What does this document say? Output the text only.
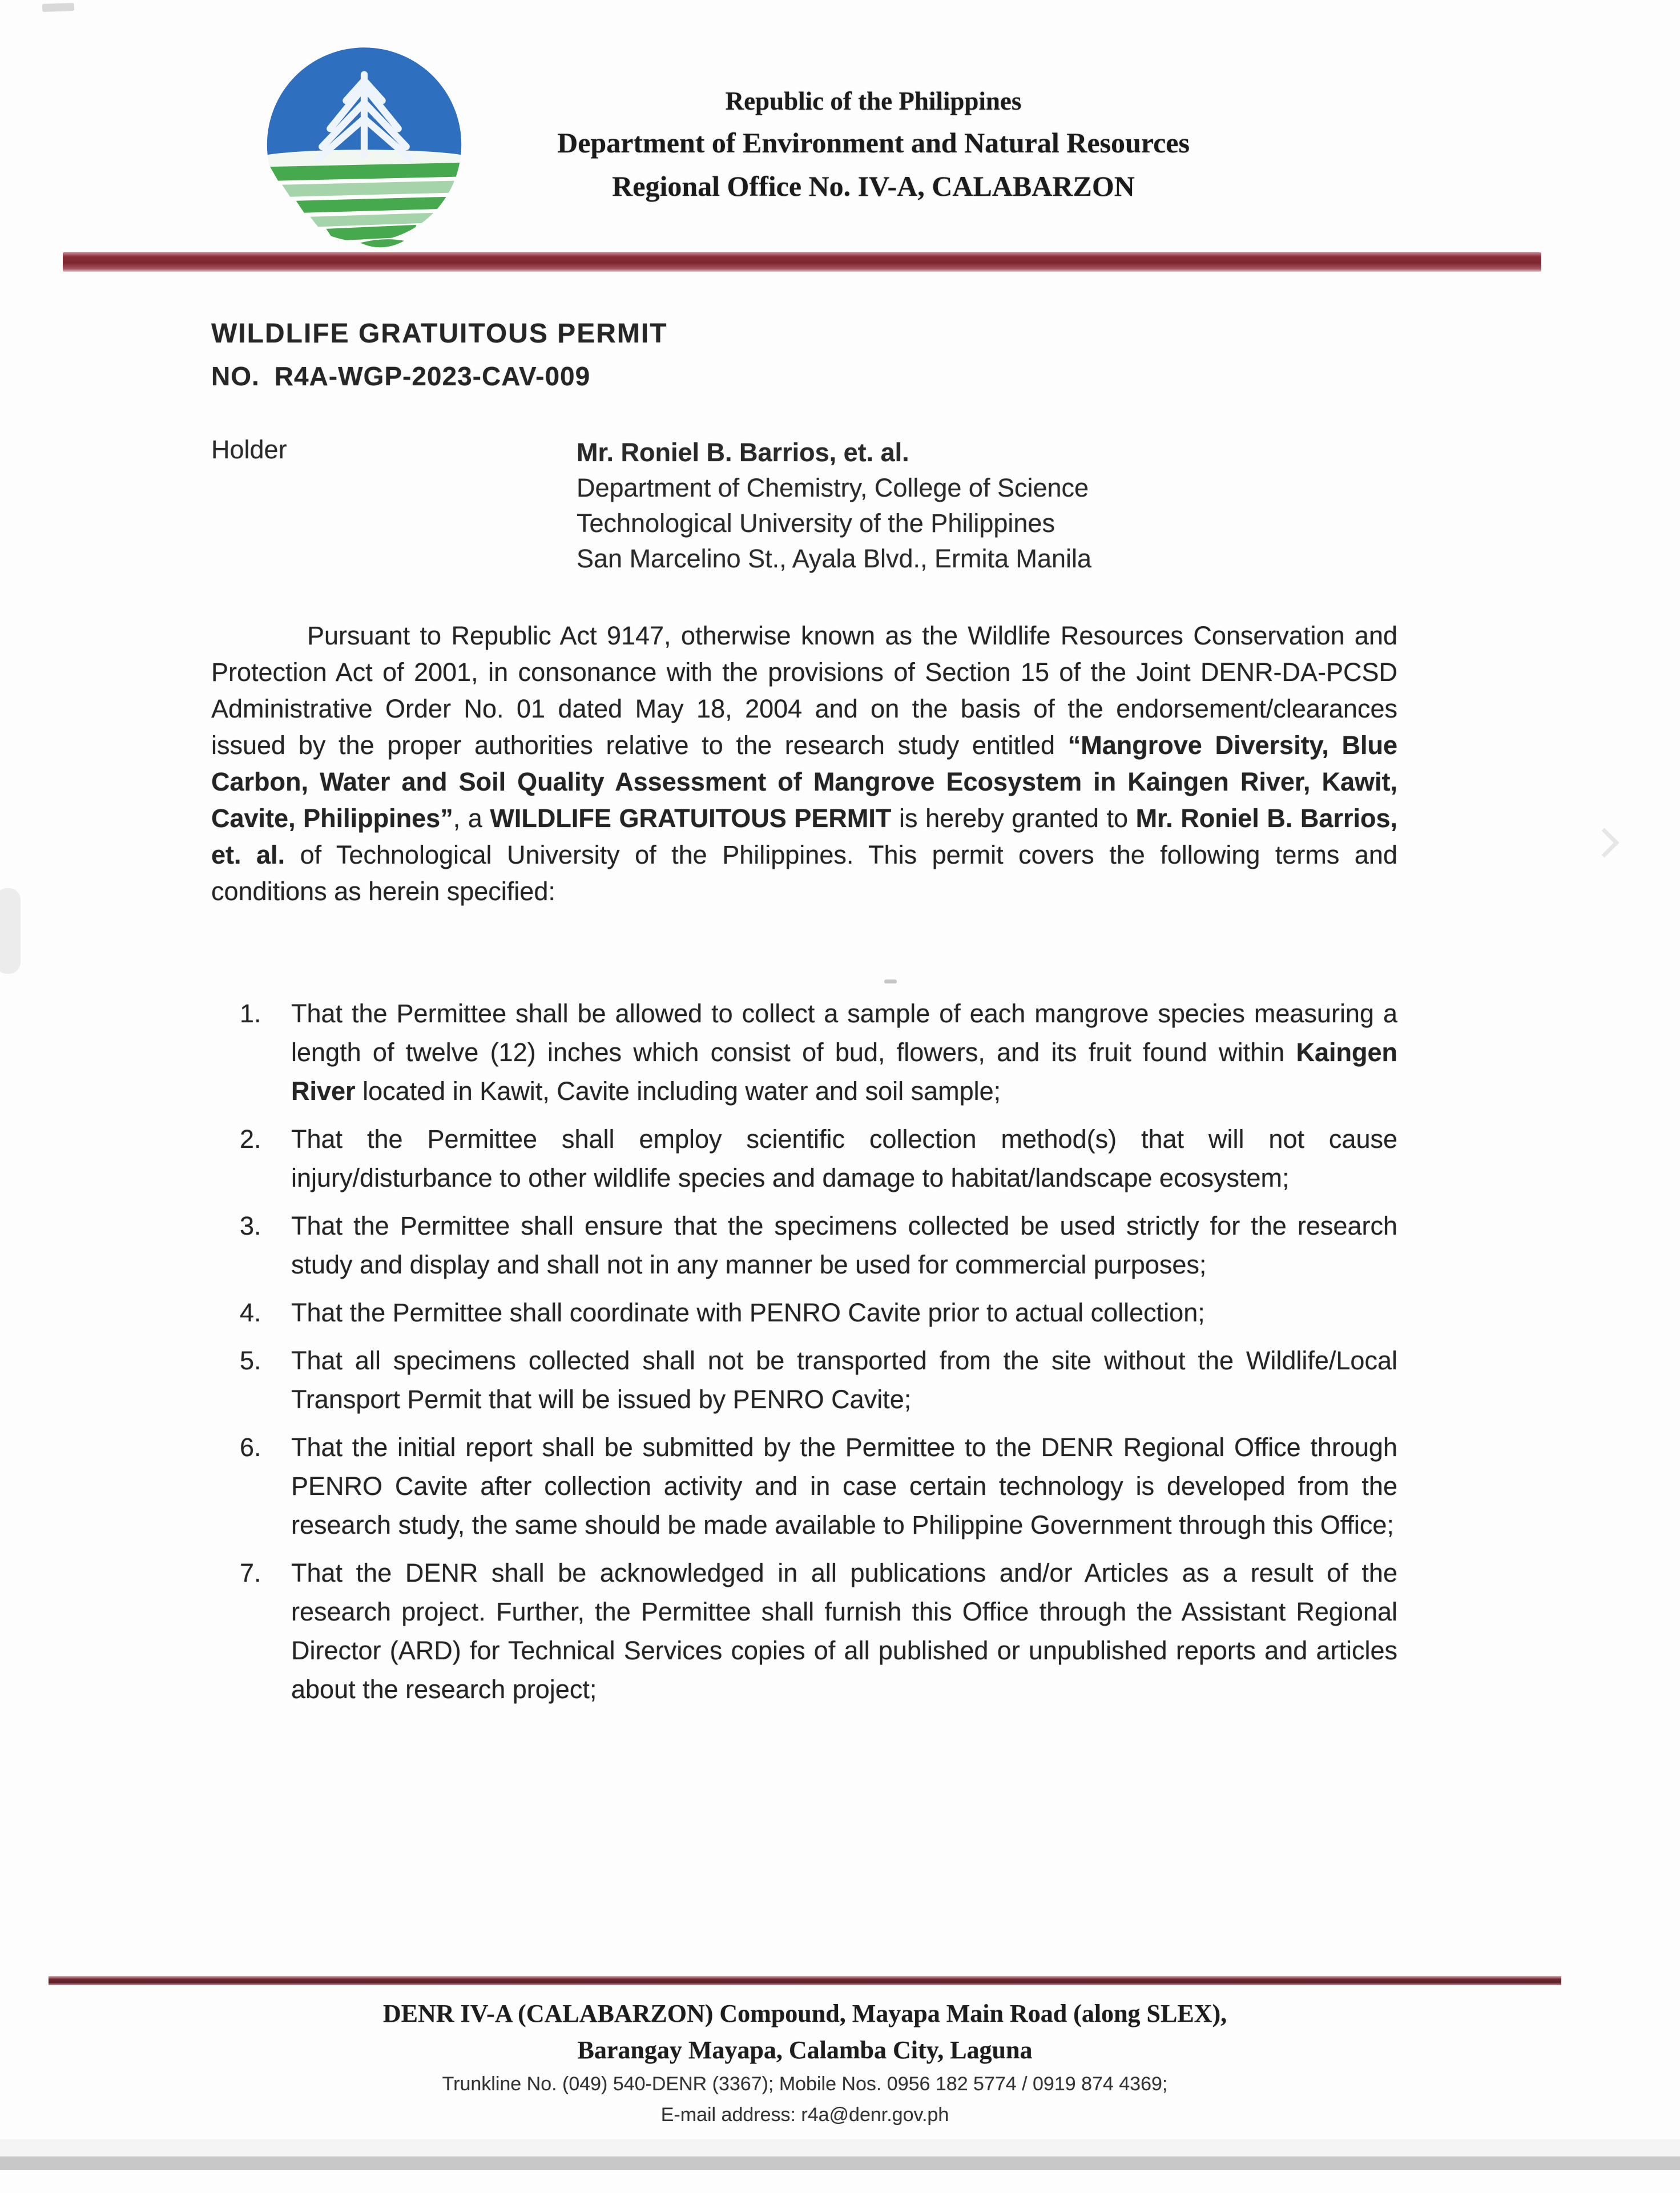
Republic of the Philippines
Department of Environment and Natural Resources
Regional Office No. IV-A, CALABARZON
WILDLIFE GRATUITOUS PERMIT
NO. R4A-WGP-2023-CAV-009
Holder	Mr. Roniel B. Barrios, et. al.
Department of Chemistry, College of Science
Technological University of the Philippines
San Marcelino St., Ayala Blvd., Ermita Manila

Pursuant to Republic Act 9147, otherwise known as the Wildlife Resources Conservation and Protection Act of 2001, in consonance with the provisions of Section 15 of the Joint DENR-DA-PCSD Administrative Order No. 01 dated May 18, 2004 and on the basis of the endorsement/clearances issued by the proper authorities relative to the research study entitled “Mangrove Diversity, Blue Carbon, Water and Soil Quality Assessment of Mangrove Ecosystem in Kaingen River, Kawit, Cavite, Philippines”, a WILDLIFE GRATUITOUS PERMIT is hereby granted to Mr. Roniel B. Barrios, et. al. of Technological University of the Philippines. This permit covers the following terms and conditions as herein specified:

1.	That the Permittee shall be allowed to collect a sample of each mangrove species measuring a length of twelve (12) inches which consist of bud, flowers, and its fruit found within Kaingen River located in Kawit, Cavite including water and soil sample;
2.	That the Permittee shall employ scientific collection method(s) that will not cause injury/disturbance to other wildlife species and damage to habitat/landscape ecosystem;
3.	That the Permittee shall ensure that the specimens collected be used strictly for the research study and display and shall not in any manner be used for commercial purposes;
4.	That the Permittee shall coordinate with PENRO Cavite prior to actual collection;
5.	That all specimens collected shall not be transported from the site without the Wildlife/Local Transport Permit that will be issued by PENRO Cavite;
6.	That the initial report shall be submitted by the Permittee to the DENR Regional Office through PENRO Cavite after collection activity and in case certain technology is developed from the research study, the same should be made available to Philippine Government through this Office;
7.	That the DENR shall be acknowledged in all publications and/or Articles as a result of the research project. Further, the Permittee shall furnish this Office through the Assistant Regional Director (ARD) for Technical Services copies of all published or unpublished reports and articles about the research project;
DENR IV-A (CALABARZON) Compound, Mayapa Main Road (along SLEX),
Barangay Mayapa, Calamba City, Laguna
Trunkline No. (049) 540-DENR (3367); Mobile Nos. 0956 182 5774 / 0919 874 4369;
E-mail address: r4a@denr.gov.ph
